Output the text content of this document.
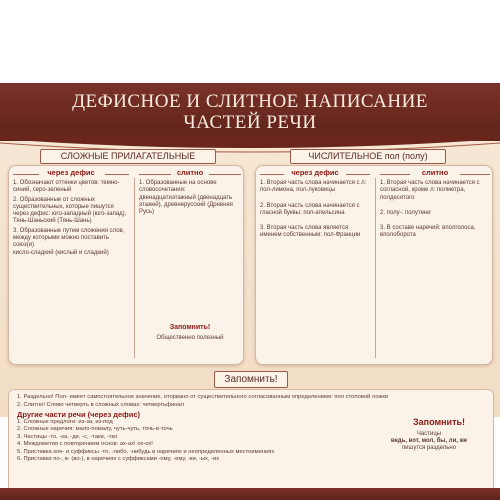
ДЕФИСНОЕ И СЛИТНОЕ НАПИСАНИЕ
ЧАСТЕЙ РЕЧИ
СЛОЖНЫЕ ПРИЛАГАТЕЛЬНЫЕ	ЧИСЛИТЕЛЬНОЕ пол (полу)
через дефис

1. Обозначают оттенки цветов: темно-синий, серо-зеленый

2. Образованные от сложных существительных, которые пишутся через дефис: юго-западный (юго-запад), Тянь-Шаньский (Тянь-Шань)

3. Образованные путем сложения слов, между которыми можно поставить союз(и)

кисло-сладкий (кислый и сладкий)

слитно

1. Образованные на основе словосочетания: двенадцатиэтажный (двенадцать этажей), древнерусский (Древняя Русь)

Запомнить!
Общественно полезный
через дефис

1. Вторая часть слова начинается с л: пол-лимона, пол-луковицы

2. Вторая часть слова начинается с гласной буквы: пол-апельсина

3. Вторая часть слова является именем собственным: пол-Франции

слитно

1. Вторая часть слова начинается с согласной, кроме л: полметра, полдесятого

2. полу-: полутени

3. В составе наречий: вполголоса, вполоборота

Запомнить!

1. Раздельно! Пол- имеет самостоятельное значение, оторвано от существительного согласованным определением: пол столовой ложки

2. Слитно! Слово четверть в сложных словах: четвертьфинал

Другие части речи (через дефис)

1. Сложные предлоги: из-за, из-под

2. Сложные наречия: мало-помалу, чуть-чуть, точь-в-точь

3. Частицы -то, -ка, -де, -с, -таки, -тко

4. Междометия с повторением основ: ах-ах! ох-ох!

5. Приставка кое- и суффиксы -то, -либо, -нибудь в наречиях и неопределенных местоимениях

6. Приставки по-, в- (во-), в наречиях с суффиксами -ому, -ему, -ки, -ых, -их

Запомнить!
Частицы
ведь, вот, мол, бы, ли, же
пишутся раздельно
